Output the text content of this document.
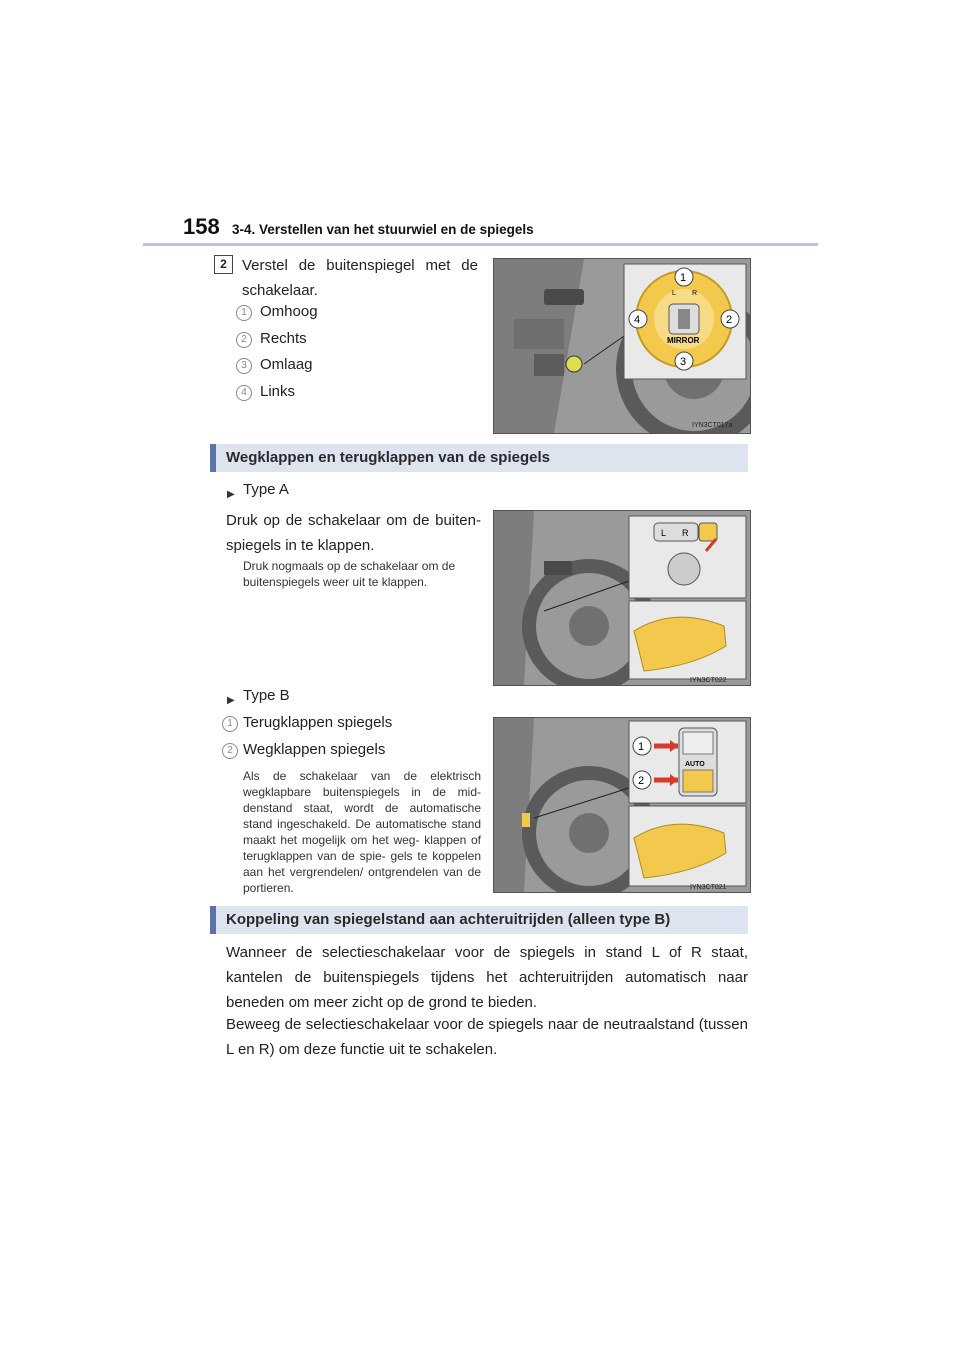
158 3-4. Verstellen van het stuurwiel en de spiegels
2	Verstel de buitenspiegel met de schakelaar.
1 Omhoog
2 Rechts
3 Omlaag
4 Links
L R
MIRROR
1
2
3
4
IYN3CT017a
Wegklappen en terugklappen van de spiegels
▶ Type A
Druk op de schakelaar om de buiten- spiegels in te klappen.
Druk nogmaals op de schakelaar om de buitenspiegels weer uit te klappen.
L R
IYN3CT022
▶ Type B
1 Terugklappen spiegels
2 Wegklappen spiegels
Als de schakelaar van de elektrisch wegklapbare buitenspiegels in de mid- denstand staat, wordt de automatische stand ingeschakeld. De automatische stand maakt het mogelijk om het weg- klappen of terugklappen van de spie- gels te koppelen aan het vergrendelen/ ontgrendelen van de portieren.
AUTO
1
2
IYN3CT021
Koppeling van spiegelstand aan achteruitrijden (alleen type B)
Wanneer de selectieschakelaar voor de spiegels in stand L of R staat, kantelen de buitenspiegels tijdens het achteruitrijden automatisch naar beneden om meer zicht op de grond te bieden.
Beweeg de selectieschakelaar voor de spiegels naar de neutraalstand (tussen L en R) om deze functie uit te schakelen.
